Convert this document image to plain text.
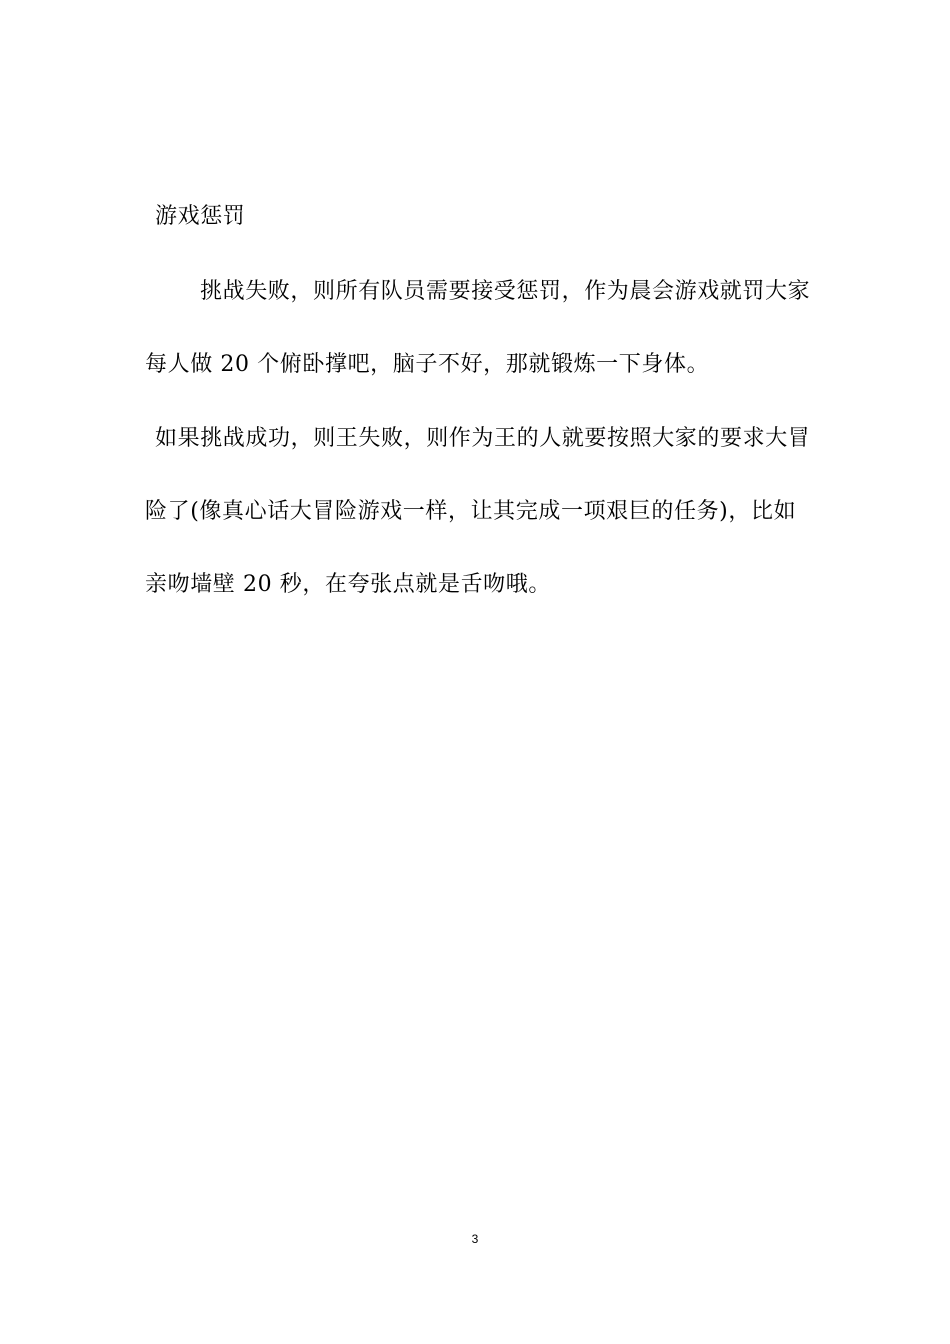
游戏惩罚
挑战失败，则所有队员需要接受惩罚，作为晨会游戏就罚大家
每人做 20 个俯卧撑吧，脑子不好，那就锻炼一下身体。
如果挑战成功，则王失败，则作为王的人就要按照大家的要求大冒
险了(像真心话大冒险游戏一样，让其完成一项艰巨的任务)，比如
亲吻墙壁 20 秒，在夸张点就是舌吻哦。
3
